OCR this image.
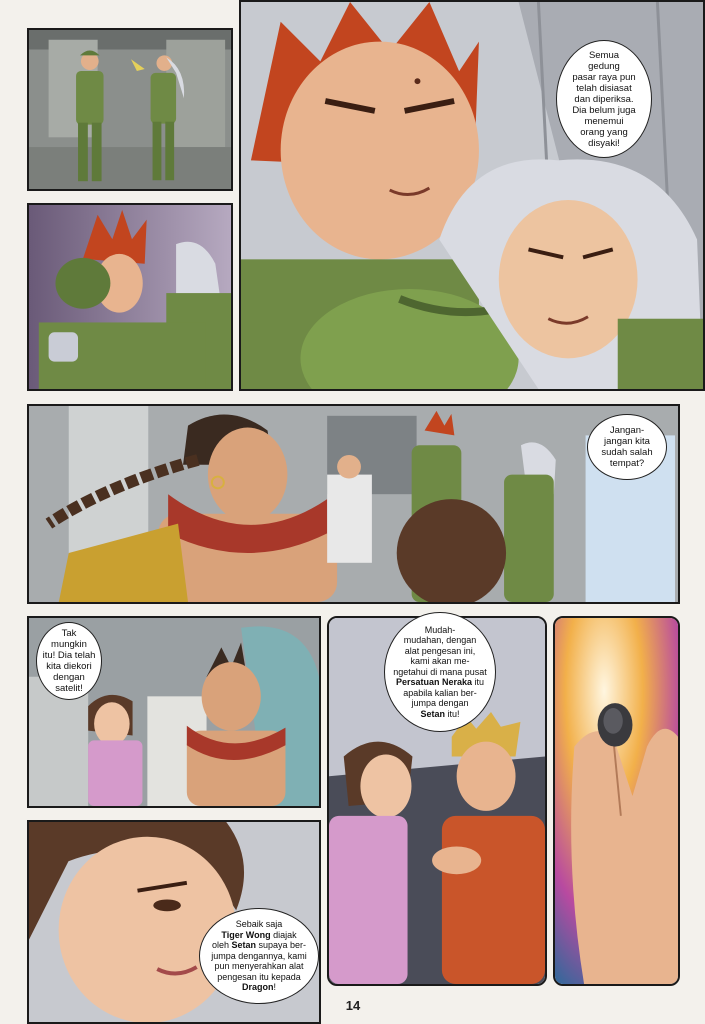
Semua
gedung
pasar raya pun
telah disiasat
dan diperiksa.
Dia belum juga
menemui
orang yang
disyaki!
Jangan-
jangan kita
sudah salah
tempat?
Tak
mungkin
itu! Dia telah
kita diekori
dengan
satelit!
Mudah-
mudahan, dengan
alat pengesan ini,
kami akan me-
ngetahui di mana pusat
Persatuan Neraka itu
apabila kalian ber-
jumpa dengan
Setan itu!
Sebaik saja
Tiger Wong diajak
oleh Setan supaya ber-
jumpa dengannya, kami
pun menyerahkan alat
pengesan itu kepada
Dragon!
14
